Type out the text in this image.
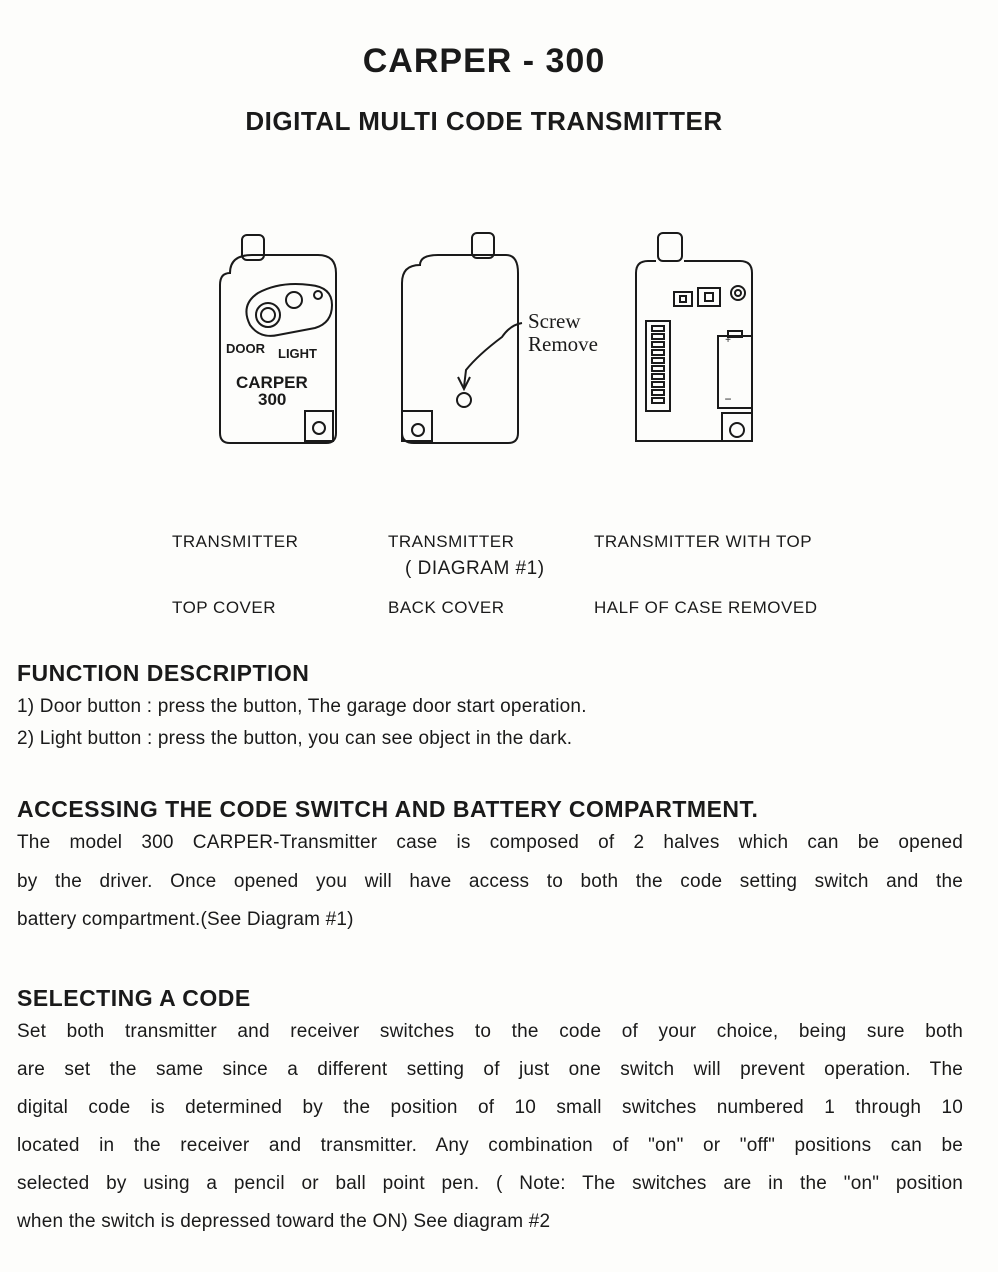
CARPER - 300
DIGITAL MULTI CODE TRANSMITTER
DOOR LIGHT
CARPER
300
+
−
Screw
Remove

TRANSMITTER

TOP COVER

TRANSMITTER

BACK COVER

TRANSMITTER WITH TOP

HALF OF CASE REMOVED

( DIAGRAM #1)
FUNCTION DESCRIPTION
1) Door button : press the button, The garage door start operation.
2) Light button : press the button, you can see object in the dark.
ACCESSING THE CODE SWITCH AND BATTERY COMPARTMENT.
The model 300 CARPER-Transmitter case is composed of 2 halves which can be opened
by the driver. Once opened you will have access to both the code setting switch and the
battery compartment.(See Diagram #1)
SELECTING A CODE
Set both transmitter and receiver switches to the code of your choice, being sure both
are set the same since a different setting of just one switch will prevent operation. The
digital code is determined by the position of 10 small switches numbered 1 through 10
located in the receiver and transmitter. Any combination of "on" or "off" positions can be
selected by using a pencil or ball point pen. ( Note: The switches are in the "on" position
when the switch is depressed toward the ON) See diagram #2
